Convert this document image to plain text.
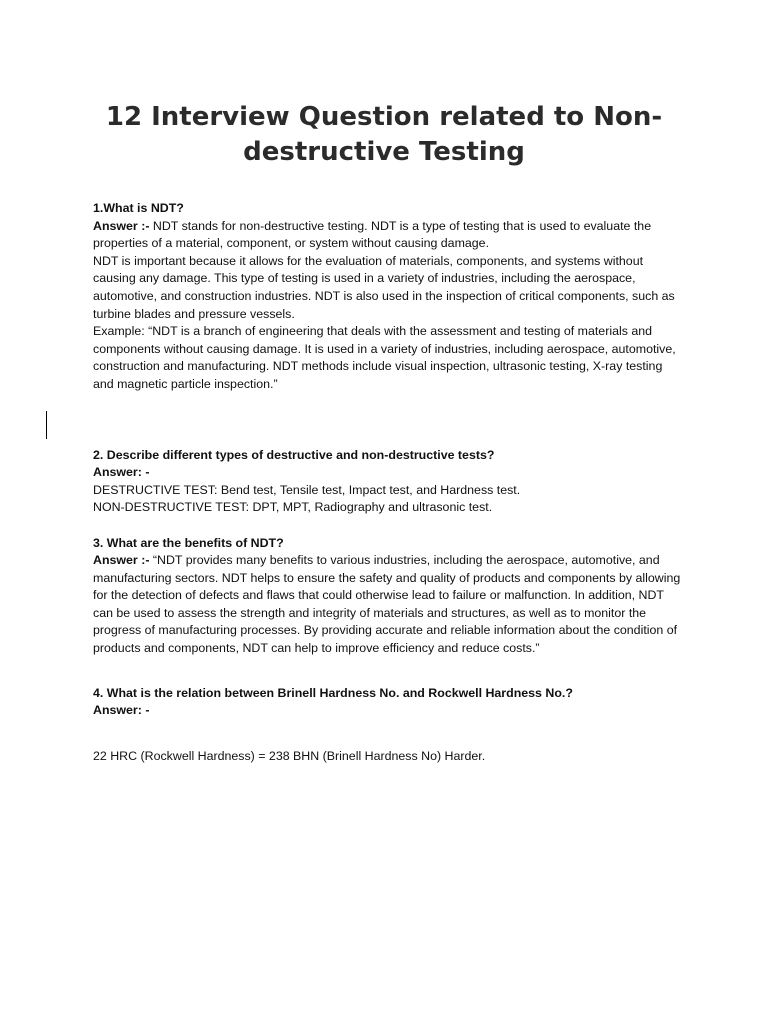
12 Interview Question related to Non-destructive Testing

1.What is NDT?

Answer :- NDT stands for non-destructive testing. NDT is a type of testing that is used to evaluate the properties of a material, component, or system without causing damage.

NDT is important because it allows for the evaluation of materials, components, and systems without causing any damage. This type of testing is used in a variety of industries, including the aerospace, automotive, and construction industries. NDT is also used in the inspection of critical components, such as turbine blades and pressure vessels.

Example: “NDT is a branch of engineering that deals with the assessment and testing of materials and components without causing damage. It is used in a variety of industries, including aerospace, automotive, construction and manufacturing. NDT methods include visual inspection, ultrasonic testing, X-ray testing and magnetic particle inspection.”

2. Describe different types of destructive and non-destructive tests?

Answer: -

DESTRUCTIVE TEST: Bend test, Tensile test, Impact test, and Hardness test.

NON-DESTRUCTIVE TEST: DPT, MPT, Radiography and ultrasonic test.

3. What are the benefits of NDT?

Answer :- “NDT provides many benefits to various industries, including the aerospace, automotive, and manufacturing sectors. NDT helps to ensure the safety and quality of products and components by allowing for the detection of defects and flaws that could otherwise lead to failure or malfunction. In addition, NDT can be used to assess the strength and integrity of materials and structures, as well as to monitor the progress of manufacturing processes. By providing accurate and reliable information about the condition of products and components, NDT can help to improve efficiency and reduce costs.”

4. What is the relation between Brinell Hardness No. and Rockwell Hardness No.?

Answer: -

22 HRC (Rockwell Hardness) = 238 BHN (Brinell Hardness No) Harder.
